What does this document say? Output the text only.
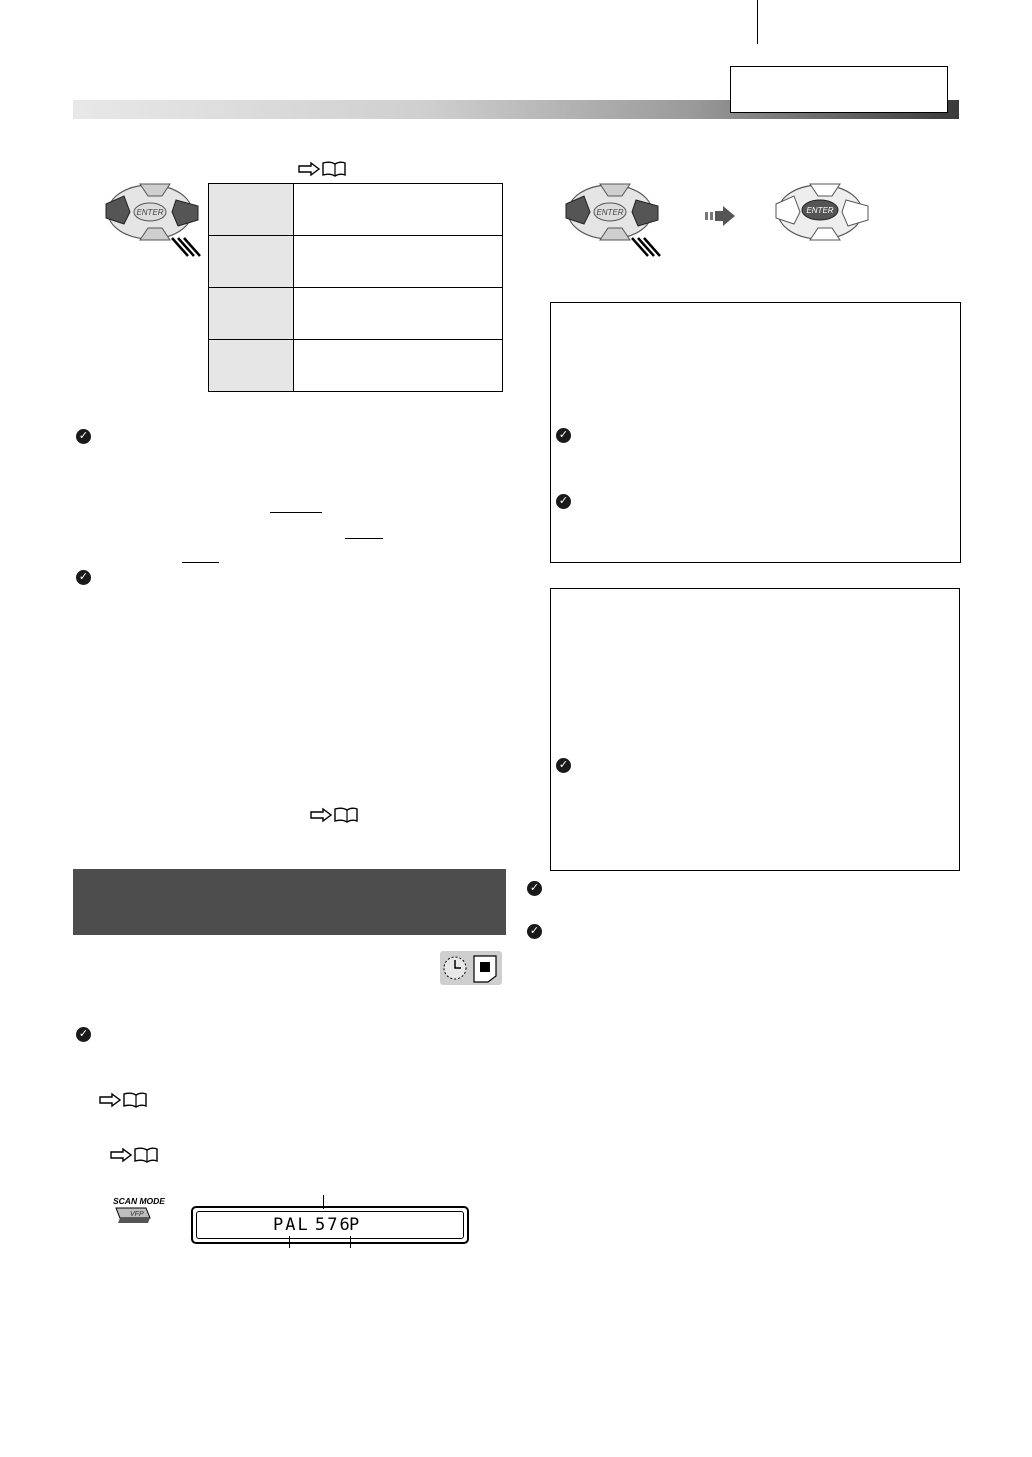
ENTER

✓
✓
✓
SCAN MODE
VFP
PAL 576
P
ENTER	ENTER
✓
✓
✓
✓
✓
